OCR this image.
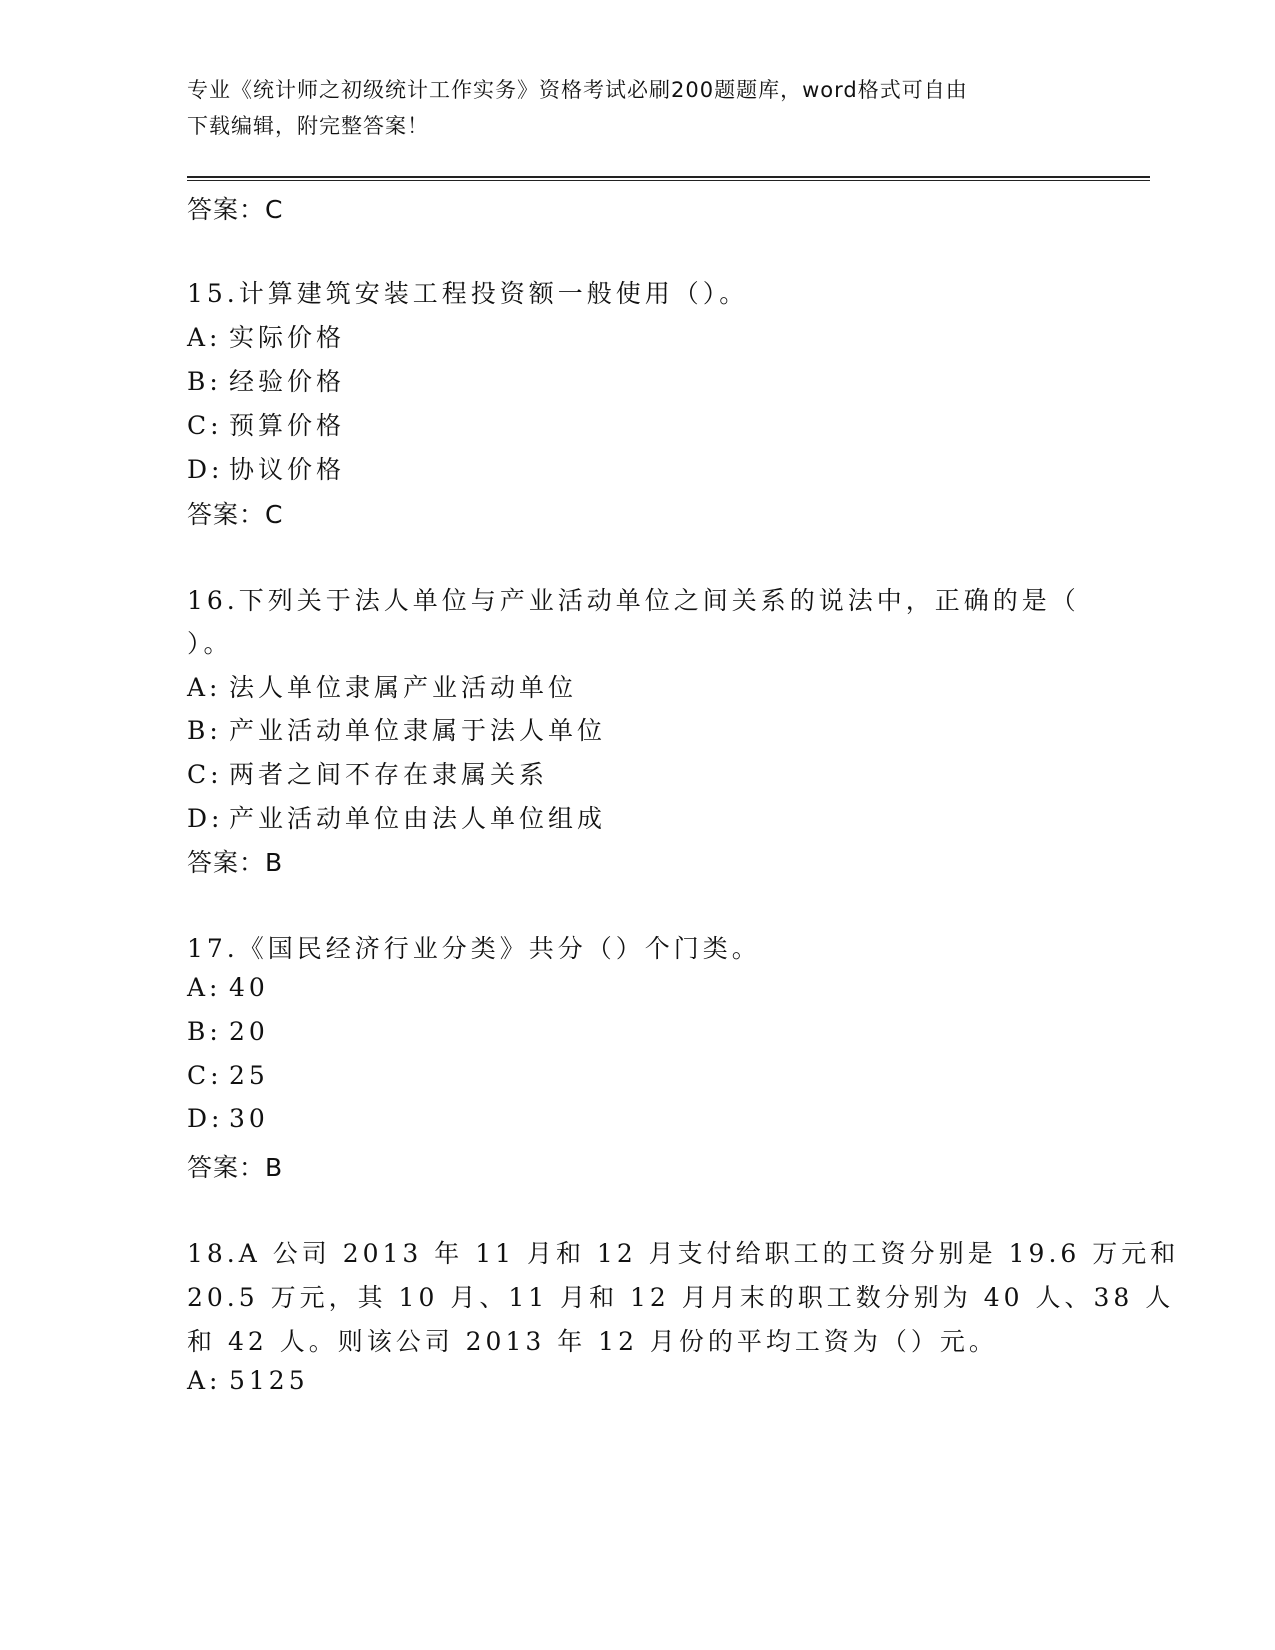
专业《统计师之初级统计工作实务》资格考试必刷200题题库，word格式可自由
下载编辑，附完整答案！
答案：C
15.计算建筑安装工程投资额一般使用（）。
A: 实际价格
B: 经验价格
C: 预算价格
D: 协议价格
答案：C
16.下列关于法人单位与产业活动单位之间关系的说法中，正确的是（
）。
A: 法人单位隶属产业活动单位
B: 产业活动单位隶属于法人单位
C: 两者之间不存在隶属关系
D: 产业活动单位由法人单位组成
答案：B
17.《国民经济行业分类》共分（）个门类。
A: 40
B: 20
C: 25
D: 30
答案：B
18.A 公司 2013 年 11 月和 12 月支付给职工的工资分别是 19.6 万元和
20.5 万元，其 10 月、11 月和 12 月月末的职工数分别为 40 人、38 人
和 42 人。则该公司 2013 年 12 月份的平均工资为（）元。
A: 5125
